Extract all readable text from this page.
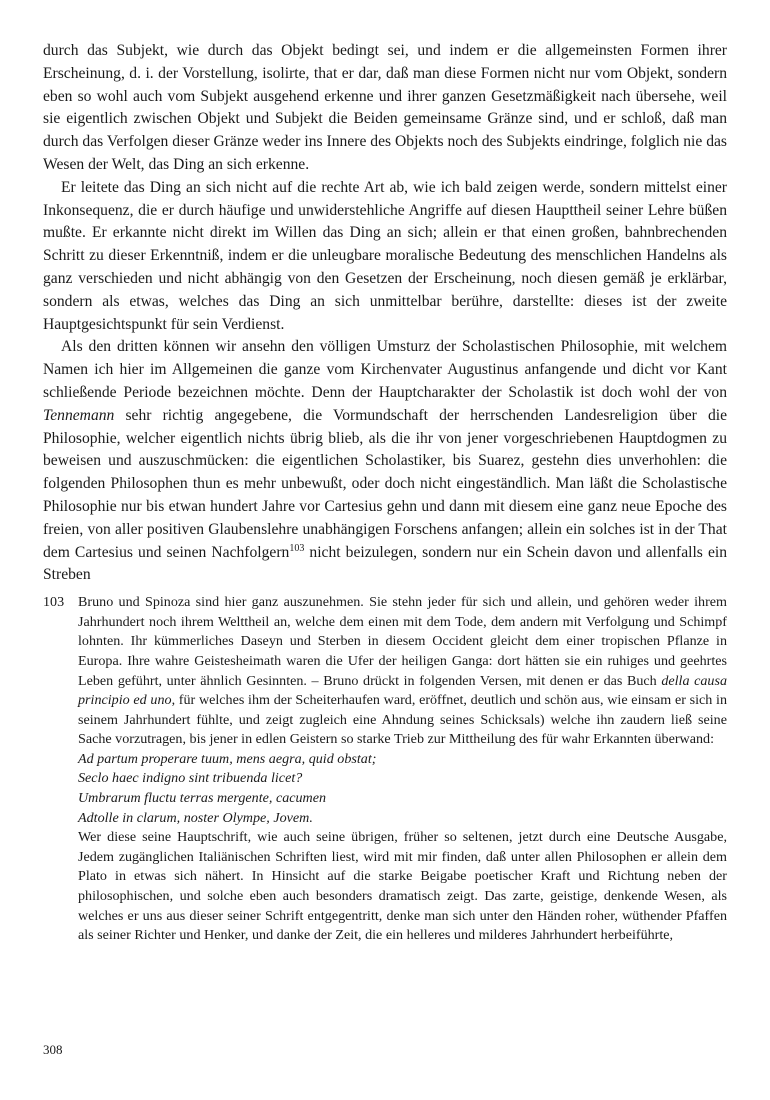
durch das Subjekt, wie durch das Objekt bedingt sei, und indem er die allgemeinsten Formen ihrer Erscheinung, d. i. der Vorstellung, isolirte, that er dar, daß man diese Formen nicht nur vom Objekt, sondern eben so wohl auch vom Subjekt ausgehend erkenne und ihrer ganzen Gesetzmäßigkeit nach übersehe, weil sie eigentlich zwischen Objekt und Subjekt die Beiden gemeinsame Gränze sind, und er schloß, daß man durch das Verfolgen dieser Gränze weder ins Innere des Objekts noch des Subjekts eindringe, folglich nie das Wesen der Welt, das Ding an sich erkenne.

Er leitete das Ding an sich nicht auf die rechte Art ab, wie ich bald zeigen werde, sondern mittelst einer Inkonsequenz, die er durch häufige und unwiderstehliche Angriffe auf diesen Haupttheil seiner Lehre büßen mußte. Er erkannte nicht direkt im Willen das Ding an sich; allein er that einen großen, bahnbrechenden Schritt zu dieser Erkenntniß, indem er die unleugbare moralische Bedeutung des menschlichen Handelns als ganz verschieden und nicht abhängig von den Gesetzen der Erscheinung, noch diesen gemäß je erklärbar, sondern als etwas, welches das Ding an sich unmittelbar berühre, darstellte: dieses ist der zweite Hauptgesichtspunkt für sein Verdienst.

Als den dritten können wir ansehn den völligen Umsturz der Scholastischen Philosophie, mit welchem Namen ich hier im Allgemeinen die ganze vom Kirchenvater Augustinus anfangende und dicht vor Kant schließende Periode bezeichnen möchte. Denn der Hauptcharakter der Scholastik ist doch wohl der von Tennemann sehr richtig angegebene, die Vormundschaft der herrschenden Landesreligion über die Philosophie, welcher eigentlich nichts übrig blieb, als die ihr von jener vorgeschriebenen Hauptdogmen zu beweisen und auszuschmücken: die eigentlichen Scholastiker, bis Suarez, gestehn dies unverhohlen: die folgenden Philosophen thun es mehr unbewußt, oder doch nicht eingeständlich. Man läßt die Scholastische Philosophie nur bis etwan hundert Jahre vor Cartesius gehn und dann mit diesem eine ganz neue Epoche des freien, von aller positiven Glaubenslehre unabhängigen Forschens anfangen; allein ein solches ist in der That dem Cartesius und seinen Nachfolgern$^{103}$ nicht beizulegen, sondern nur ein Schein davon und allenfalls ein Streben

103 Bruno und Spinoza sind hier ganz auszunehmen. Sie stehn jeder für sich und allein, und gehören weder ihrem Jahrhundert noch ihrem Welttheil an, welche dem einen mit dem Tode, dem andern mit Verfolgung und Schimpf lohnten. Ihr kümmerliches Daseyn und Sterben in diesem Occident gleicht dem einer tropischen Pflanze in Europa. Ihre wahre Geistesheimath waren die Ufer der heiligen Ganga: dort hätten sie ein ruhiges und geehrtes Leben geführt, unter ähnlich Gesinnten. – Bruno drückt in folgenden Versen, mit denen er das Buch della causa principio ed uno, für welches ihm der Scheiterhaufen ward, eröffnet, deutlich und schön aus, wie einsam er sich in seinem Jahrhundert fühlte, und zeigt zugleich eine Ahndung seines Schicksals) welche ihn zaudern ließ seine Sache vorzutragen, bis jener in edlen Geistern so starke Trieb zur Mittheilung des für wahr Erkannten überwand:

Ad partum properare tuum, mens aegra, quid obstat;

Seclo haec indigno sint tribuenda licet?

Umbrarum fluctu terras mergente, cacumen

Adtolle in clarum, noster Olympe, Jovem.

Wer diese seine Hauptschrift, wie auch seine übrigen, früher so seltenen, jetzt durch eine Deutsche Ausgabe, Jedem zugänglichen Italiänischen Schriften liest, wird mit mir finden, daß unter allen Philosophen er allein dem Plato in etwas sich nähert. In Hinsicht auf die starke Beigabe poetischer Kraft und Richtung neben der philosophischen, und solche eben auch besonders dramatisch zeigt. Das zarte, geistige, denkende Wesen, als welches er uns aus dieser seiner Schrift entgegentritt, denke man sich unter den Händen roher, wüthender Pfaffen als seiner Richter und Henker, und danke der Zeit, die ein helleres und milderes Jahrhundert herbeiführte,

308
